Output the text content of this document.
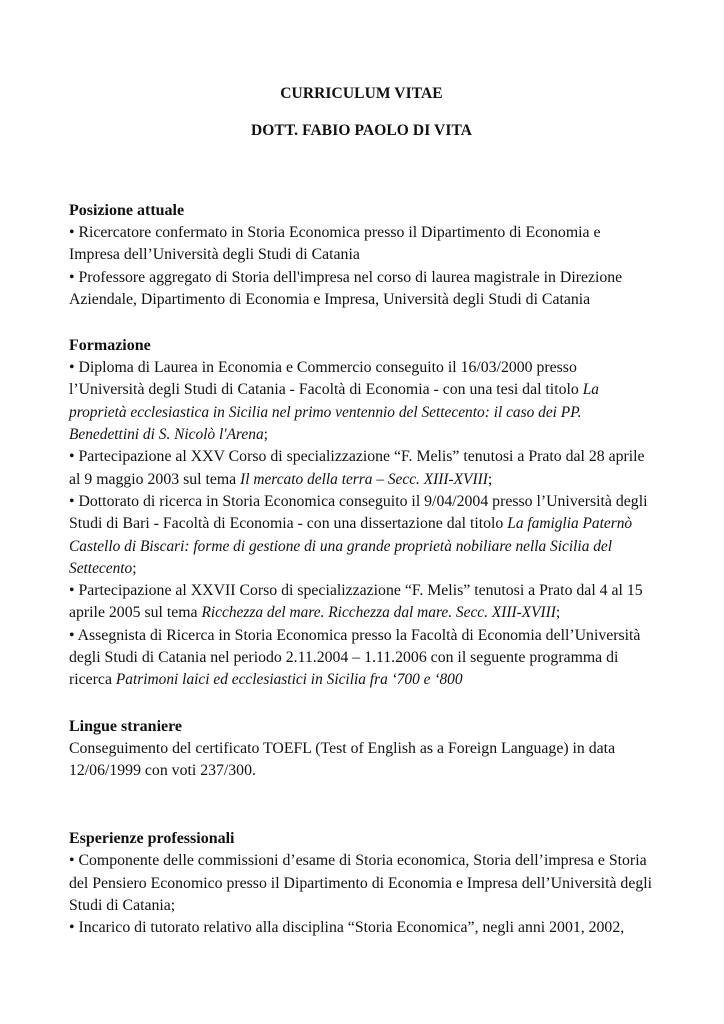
CURRICULUM VITAE
DOTT. FABIO PAOLO DI VITA
Posizione attuale

• Ricercatore confermato in Storia Economica presso il Dipartimento di Economia e Impresa dell’Università degli Studi di Catania

• Professore aggregato di Storia dell'impresa nel corso di laurea magistrale in Direzione Aziendale, Dipartimento di Economia e Impresa, Università degli Studi di Catania

Formazione

• Diploma di Laurea in Economia e Commercio conseguito il 16/03/2000 presso l’Università degli Studi di Catania - Facoltà di Economia - con una tesi dal titolo La proprietà ecclesiastica in Sicilia nel primo ventennio del Settecento: il caso dei PP. Benedettini di S. Nicolò l'Arena;

• Partecipazione al XXV Corso di specializzazione “F. Melis” tenutosi a Prato dal 28 aprile al 9 maggio 2003 sul tema Il mercato della terra – Secc. XIII-XVIII;

• Dottorato di ricerca in Storia Economica conseguito il 9/04/2004 presso l’Università degli Studi di Bari - Facoltà di Economia - con una dissertazione dal titolo La famiglia Paternò Castello di Biscari: forme di gestione di una grande proprietà nobiliare nella Sicilia del Settecento;

• Partecipazione al XXVII Corso di specializzazione “F. Melis” tenutosi a Prato dal 4 al 15 aprile 2005 sul tema Ricchezza del mare. Ricchezza dal mare. Secc. XIII-XVIII;

• Assegnista di Ricerca in Storia Economica presso la Facoltà di Economia dell’Università degli Studi di Catania nel periodo 2.11.2004 – 1.11.2006 con il seguente programma di ricerca Patrimoni laici ed ecclesiastici in Sicilia fra ‘700 e ‘800

Lingue straniere

Conseguimento del certificato TOEFL (Test of English as a Foreign Language) in data 12/06/1999 con voti 237/300.

Esperienze professionali

• Componente delle commissioni d’esame di Storia economica, Storia dell’impresa e Storia del Pensiero Economico presso il Dipartimento di Economia e Impresa dell’Università degli Studi di Catania;

• Incarico di tutorato relativo alla disciplina “Storia Economica”, negli anni 2001, 2002,
